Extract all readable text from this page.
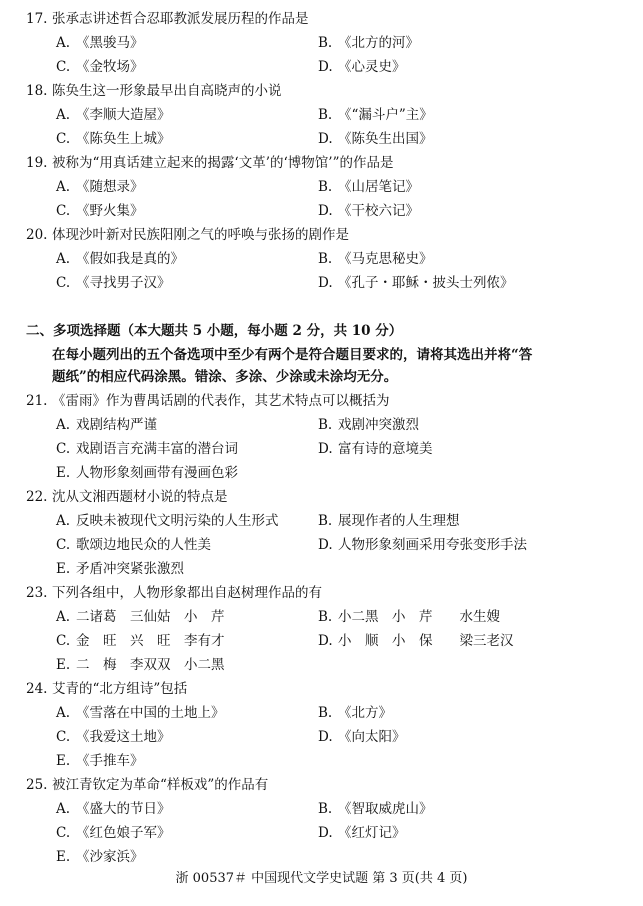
17. 张承志讲述哲合忍耶教派发展历程的作品是
A. 《黑骏马》	B. 《北方的河》
C. 《金牧场》	D. 《心灵史》
18. 陈奂生这一形象最早出自高晓声的小说
A. 《李顺大造屋》	B. 《“漏斗户”主》
C. 《陈奂生上城》	D. 《陈奂生出国》
19. 被称为“用真话建立起来的揭露‘文革’的‘博物馆’”的作品是
A. 《随想录》	B. 《山居笔记》
C. 《野火集》	D. 《干校六记》
20. 体现沙叶新对民族阳刚之气的呼唤与张扬的剧作是
A. 《假如我是真的》	B. 《马克思秘史》
C. 《寻找男子汉》	D. 《孔子・耶稣・披头士列侬》
二、多项选择题（本大题共 5 小题，每小题 2 分，共 10 分）
在每小题列出的五个备选项中至少有两个是符合题目要求的，请将其选出并将“答
题纸”的相应代码涂黑。错涂、多涂、少涂或未涂均无分。
21. 《雷雨》作为曹禺话剧的代表作，其艺术特点可以概括为
A. 戏剧结构严谨	B. 戏剧冲突激烈
C. 戏剧语言充满丰富的潜台词	D. 富有诗的意境美
E. 人物形象刻画带有漫画色彩
22. 沈从文湘西题材小说的特点是
A. 反映未被现代文明污染的人生形式	B. 展现作者的人生理想
C. 歌颂边地民众的人性美	D. 人物形象刻画采用夸张变形手法
E. 矛盾冲突紧张激烈
23. 下列各组中，人物形象都出自赵树理作品的有
A. 二诸葛　三仙姑　小　芹	B. 小二黑　小　芹　　水生嫂
C. 金　旺　兴　旺　李有才	D. 小　顺　小　保　　梁三老汉
E. 二　梅　李双双　小二黑
24. 艾青的“北方组诗”包括
A. 《雪落在中国的土地上》	B. 《北方》
C. 《我爱这土地》	D. 《向太阳》
E. 《手推车》
25. 被江青钦定为革命“样板戏”的作品有
A. 《盛大的节日》	B. 《智取威虎山》
C. 《红色娘子军》	D. 《红灯记》
E. 《沙家浜》
浙 00537＃ 中国现代文学史试题 第 3 页(共 4 页)
